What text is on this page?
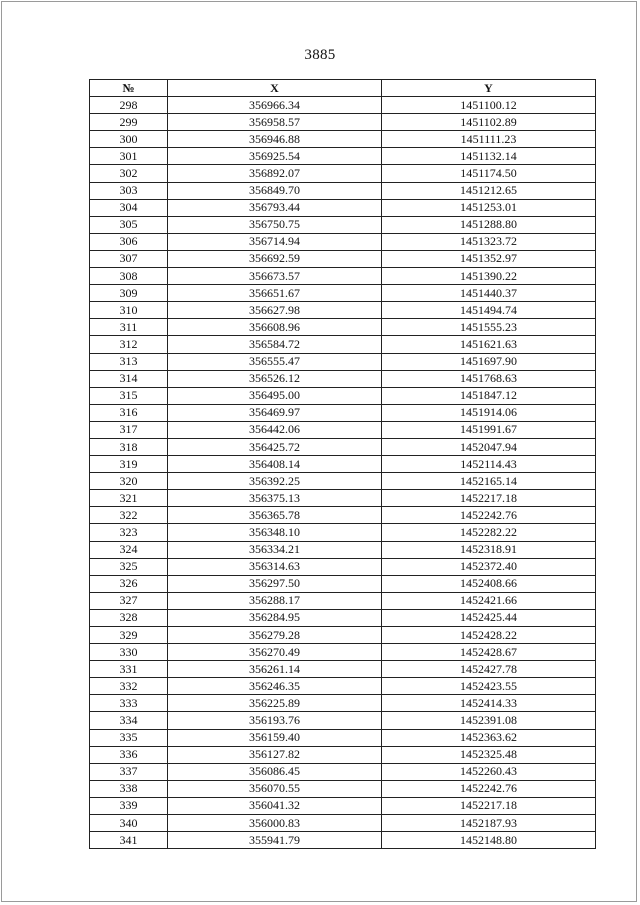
3885
№	X	Y
298	356966.34	1451100.12
299	356958.57	1451102.89
300	356946.88	1451111.23
301	356925.54	1451132.14
302	356892.07	1451174.50
303	356849.70	1451212.65
304	356793.44	1451253.01
305	356750.75	1451288.80
306	356714.94	1451323.72
307	356692.59	1451352.97
308	356673.57	1451390.22
309	356651.67	1451440.37
310	356627.98	1451494.74
311	356608.96	1451555.23
312	356584.72	1451621.63
313	356555.47	1451697.90
314	356526.12	1451768.63
315	356495.00	1451847.12
316	356469.97	1451914.06
317	356442.06	1451991.67
318	356425.72	1452047.94
319	356408.14	1452114.43
320	356392.25	1452165.14
321	356375.13	1452217.18
322	356365.78	1452242.76
323	356348.10	1452282.22
324	356334.21	1452318.91
325	356314.63	1452372.40
326	356297.50	1452408.66
327	356288.17	1452421.66
328	356284.95	1452425.44
329	356279.28	1452428.22
330	356270.49	1452428.67
331	356261.14	1452427.78
332	356246.35	1452423.55
333	356225.89	1452414.33
334	356193.76	1452391.08
335	356159.40	1452363.62
336	356127.82	1452325.48
337	356086.45	1452260.43
338	356070.55	1452242.76
339	356041.32	1452217.18
340	356000.83	1452187.93
341	355941.79	1452148.80
